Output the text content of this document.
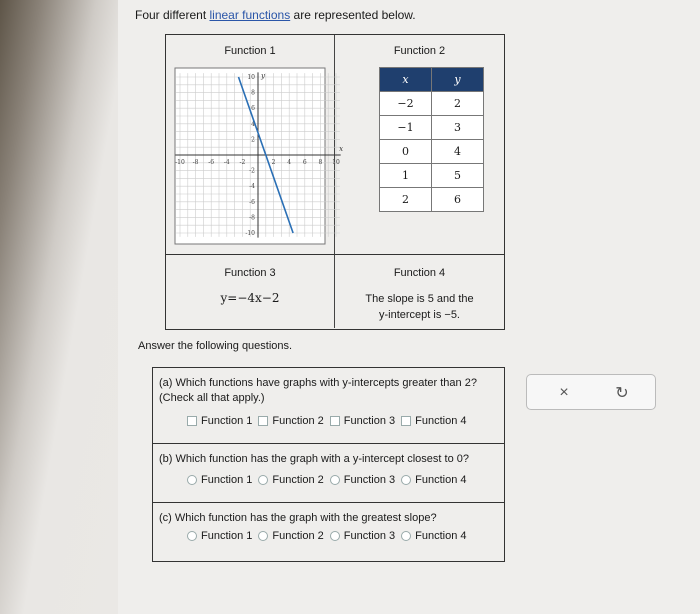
Four different linear functions are represented below.
Function 1
-10 -8 -6 -4 -2	2 4 6 8 10
10
8
6
4
2
-2
-4
-6
-8
-10
x
y
Function 2
x	y
−2	2
−1	3
0	4
1	5
2	6
Function 3
y=−4x−2
Function 4
The slope is 5 and the
y-intercept is −5.
Answer the following questions.
(a) Which functions have graphs with y-intercepts greater than 2?
(Check all that apply.)
Function 1 Function 2 Function 3 Function 4
(b) Which function has the graph with a y-intercept closest to 0?
Function 1 Function 2 Function 3 Function 4
(c) Which function has the graph with the greatest slope?
Function 1 Function 2 Function 3 Function 4
×	↻
